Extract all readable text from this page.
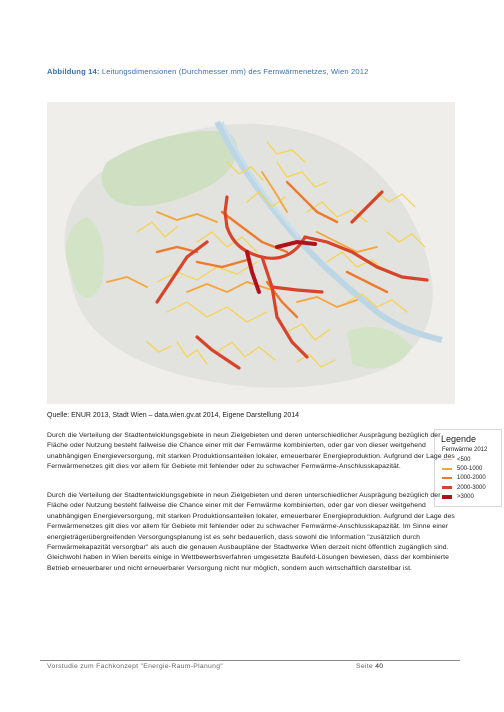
Abbildung 14: Leitungsdimensionen (Durchmesser mm) des Fernwärmenetzes, Wien 2012
Legende
Fernwärme 2012
<500
500-1000
1000-2000
2000-3000
>3000
Quelle: ENUR 2013, Stadt Wien – data.wien.gv.at 2014, Eigene Darstellung 2014
Durch die Verteilung der Stadtentwicklungsgebiete in neun Zielgebieten und deren unterschiedlicher Ausprägung bezüglich der Fläche oder Nutzung besteht fallweise die Chance einer mit der Fernwärme kombinierten, oder gar von dieser weitgehend unabhängigen Energieversorgung, mit starken Produktionsanteilen lokaler, erneuerbarer Energieproduktion. Aufgrund der Lage des Fernwärmenetzes gilt dies vor allem für Gebiete mit fehlender oder zu schwacher Fernwärme-Anschlusskapazität.
Durch die Verteilung der Stadtentwicklungsgebiete in neun Zielgebieten und deren unterschiedlicher Ausprägung bezüglich der Fläche oder Nutzung besteht fallweise die Chance einer mit der Fernwärme kombinierten, oder gar von dieser weitgehend unabhängigen Energieversorgung, mit starken Produktionsanteilen lokaler, erneuerbarer Energieproduktion. Aufgrund der Lage des Fernwärmenetzes gilt dies vor allem für Gebiete mit fehlender oder zu schwacher Fernwärme-Anschlusskapazität. Im Sinne einer energieträgerübergreifenden Versorgungsplanung ist es sehr bedauerlich, dass sowohl die Information "zusätzlich durch Fernwärmekapazität versorgbar" als auch die genauen Ausbaupläne der Stadtwerke Wien derzeit nicht öffentlich zugänglich sind. Gleichwohl haben in Wien bereits einige in Wettbewerbsverfahren umgesetzte Baufeld-Lösungen bewiesen, dass der kombinierte Betrieb erneuerbarer und nicht erneuerbarer Versorgung nicht nur möglich, sondern auch wirtschaftlich darstellbar ist.
Vorstudie zum Fachkonzept "Energie-Raum-Planung"	Seite 40
